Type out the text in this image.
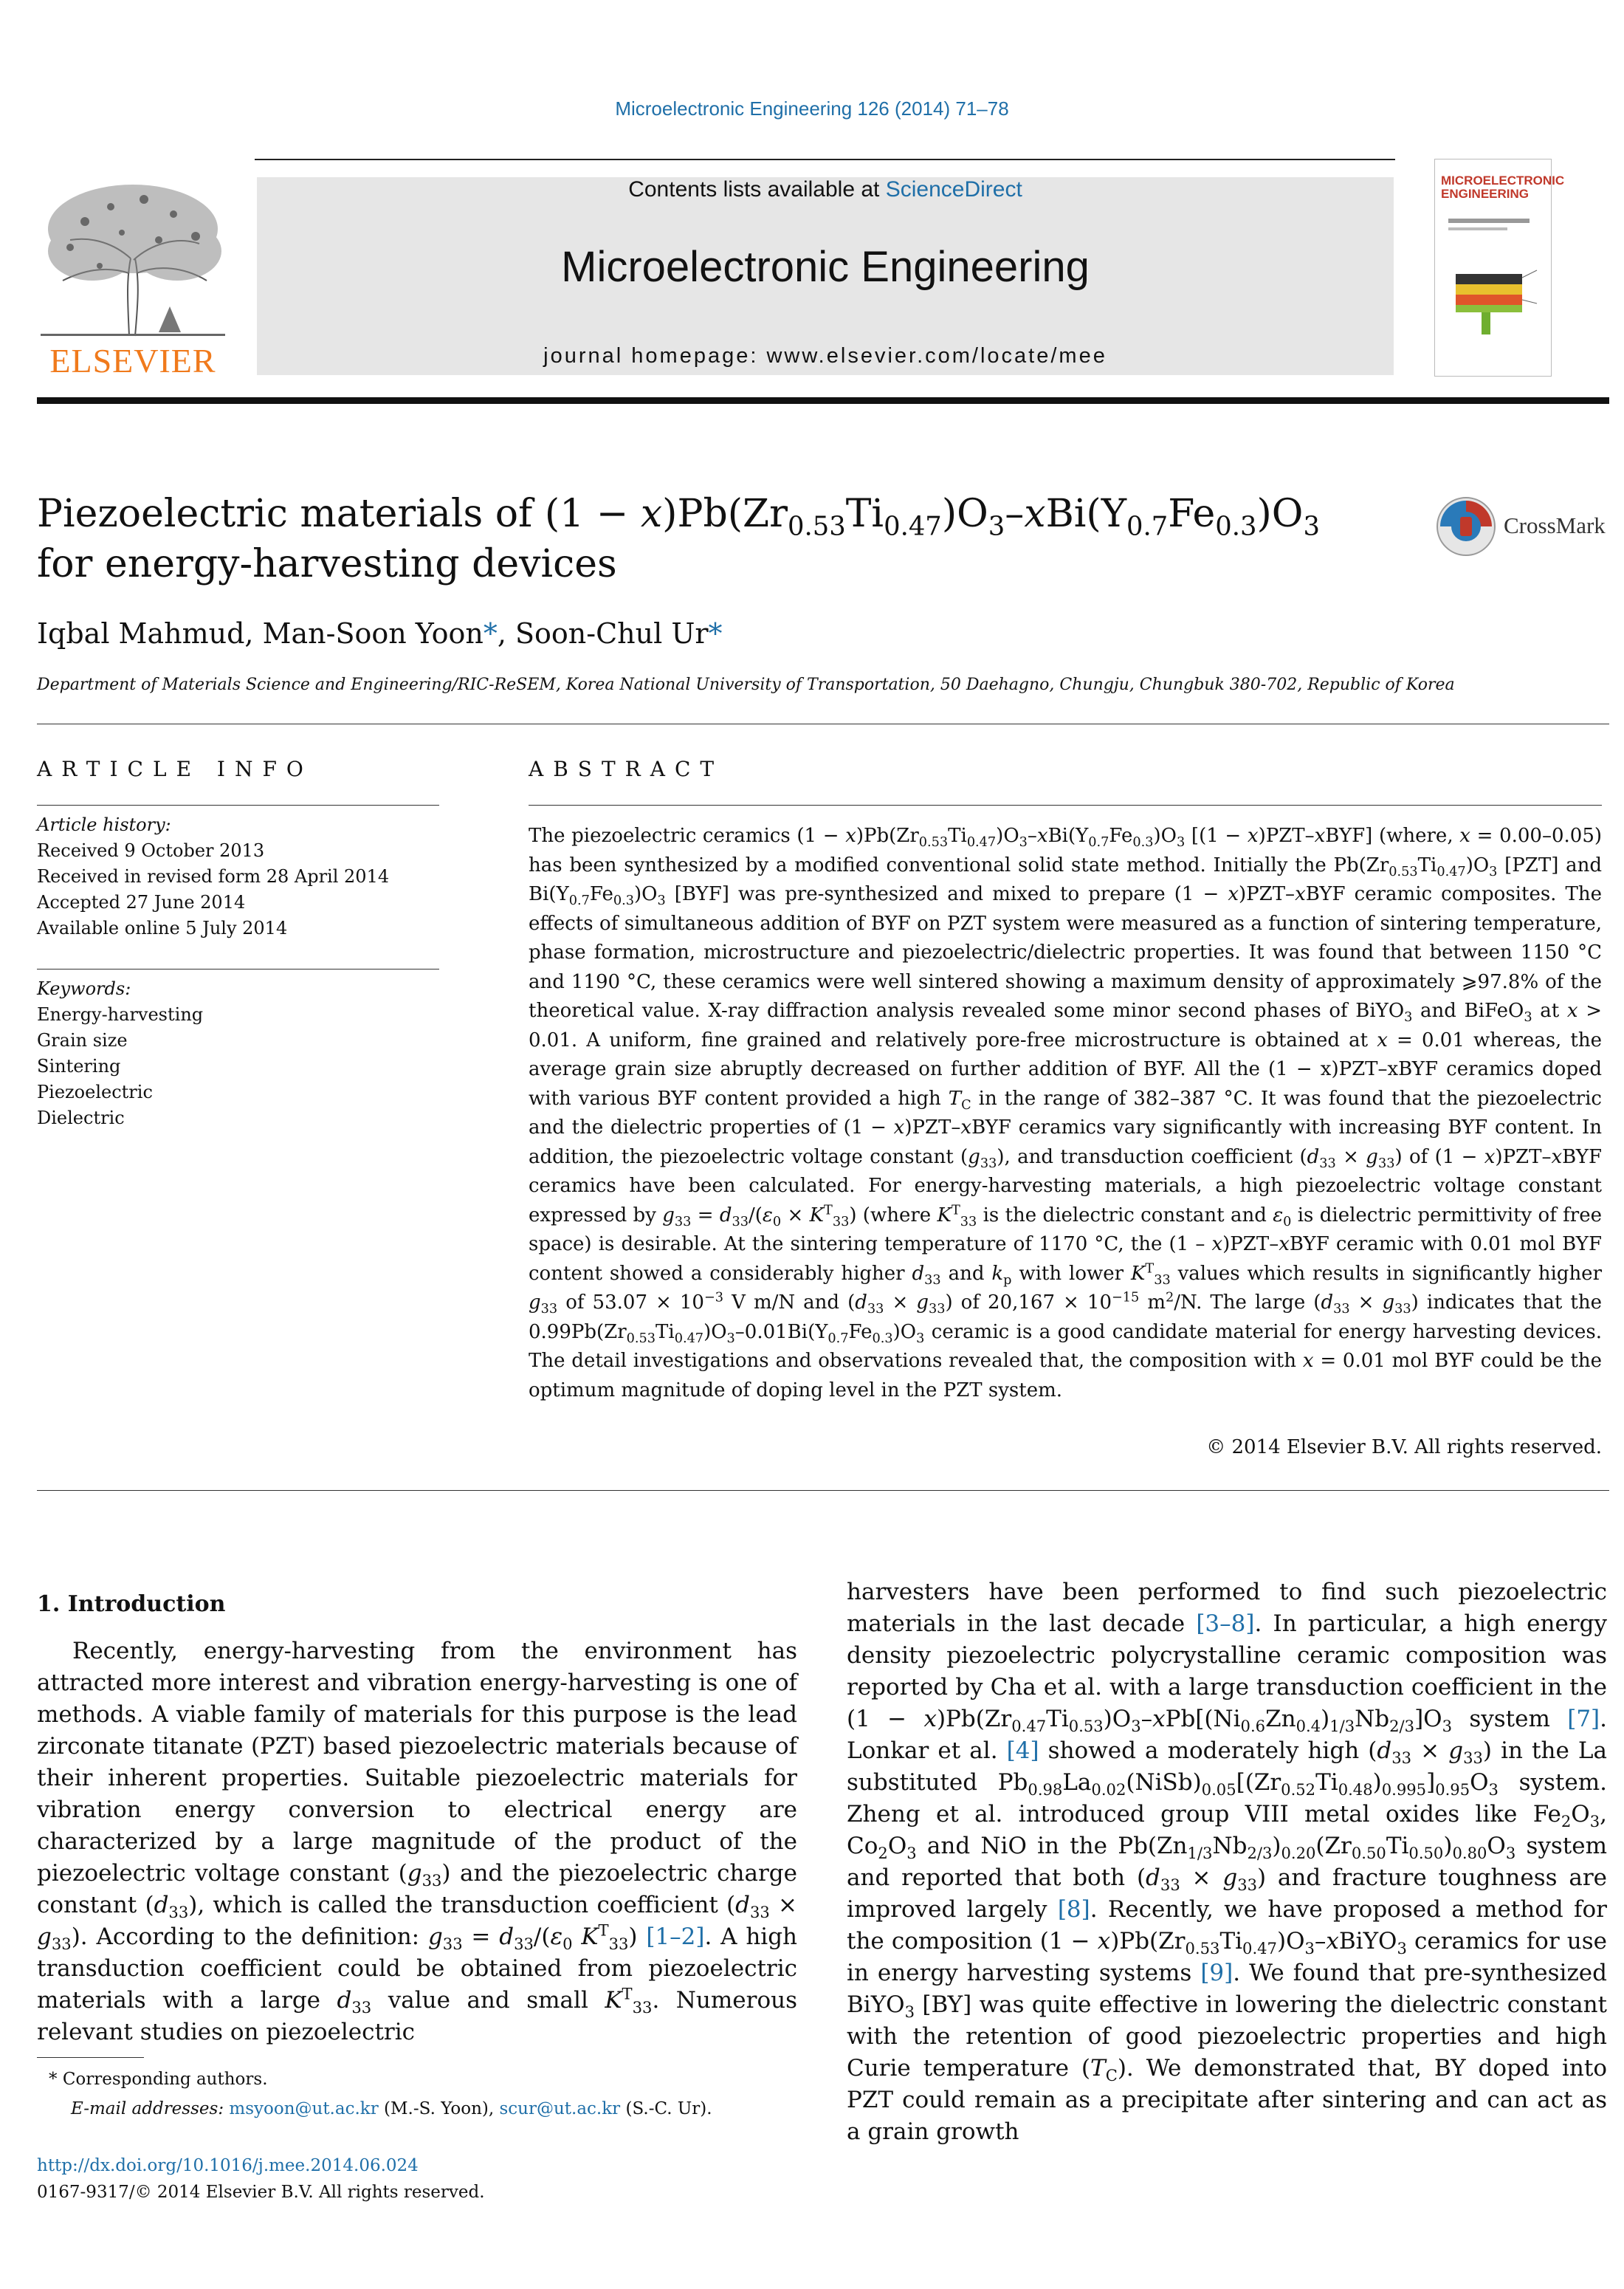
Microelectronic Engineering 126 (2014) 71–78
ELSEVIER
Contents lists available at ScienceDirect
Microelectronic Engineering
journal homepage: www.elsevier.com/locate/mee
MICROELECTRONIC
ENGINEERING
Piezoelectric materials of $(1 - x)Pb(Zr_{0.53}Ti_{0.47})O_3-xBi(Y_{0.7}Fe_{0.3})O_3$
for energy-harvesting devices
CrossMark
Iqbal Mahmud, Man-Soon Yoon*, Soon-Chul Ur*
Department of Materials Science and Engineering/RIC-ReSEM, Korea National University of Transportation, 50 Daehagno, Chungju, Chungbuk 380-702, Republic of Korea
ARTICLE INFO
Article history:
Received 9 October 2013
Received in revised form 28 April 2014
Accepted 27 June 2014
Available online 5 July 2014
Keywords:
Energy-harvesting
Grain size
Sintering
Piezoelectric
Dielectric
ABSTRACT
The piezoelectric ceramics $(1 - x)Pb(Zr_{0.53}Ti_{0.47})O_3-xBi(Y_{0.7}Fe_{0.3})O_3$ [(1 − x)PZT–xBYF] (where, x = 0.00–0.05) has been synthesized by a modified conventional solid state method. Initially the $Pb(Zr_{0.53}Ti_{0.47})O_3$ [PZT] and $Bi(Y_{0.7}Fe_{0.3})O_3$ [BYF] was pre-synthesized and mixed to prepare (1 − x)PZT–xBYF ceramic composites. The effects of simultaneous addition of BYF on PZT system were measured as a function of sintering temperature, phase formation, microstructure and piezoelectric/dielectric properties. It was found that between 1150 °C and 1190 °C, these ceramics were well sintered showing a maximum density of approximately ⩾97.8% of the theoretical value. X-ray diffraction analysis revealed some minor second phases of BiYO$_3$ and BiFeO$_3$ at x > 0.01. A uniform, fine grained and relatively pore-free microstructure is obtained at x = 0.01 whereas, the average grain size abruptly decreased on further addition of BYF. All the (1 − x)PZT–xBYF ceramics doped with various BYF content provided a high $T_C$ in the range of 382–387 °C. It was found that the piezoelectric and the dielectric properties of (1 − x)PZT–xBYF ceramics vary significantly with increasing BYF content. In addition, the piezoelectric voltage constant $(g_{33})$, and transduction coefficient $(d_{33} \times g_{33})$ of (1 − x)PZT–xBYF ceramics have been calculated. For energy-harvesting materials, a high piezoelectric voltage constant expressed by $g_{33} = d_{33}/(\varepsilon_0 \times K^T_{33})$ (where $K^T_{33}$ is the dielectric constant and $\varepsilon_0$ is dielectric permittivity of free space) is desirable. At the sintering temperature of 1170 °C, the (1 – x)PZT–xBYF ceramic with 0.01 mol BYF content showed a considerably higher $d_{33}$ and $k_p$ with lower $K^T_{33}$ values which results in significantly higher $g_{33}$ of $53.07 \times 10^{-3}$ V m/N and $(d_{33} \times g_{33})$ of $20,167 \times 10^{-15}$ $m^2/N$. The large $(d_{33} \times g_{33})$ indicates that the $0.99Pb(Zr_{0.53}Ti_{0.47})O_3-0.01Bi(Y_{0.7}Fe_{0.3})O_3$ ceramic is a good candidate material for energy harvesting devices. The detail investigations and observations revealed that, the composition with x = 0.01 mol BYF could be the optimum magnitude of doping level in the PZT system.
© 2014 Elsevier B.V. All rights reserved.
1. Introduction
Recently, energy-harvesting from the environment has attracted more interest and vibration energy-harvesting is one of methods. A viable family of materials for this purpose is the lead zirconate titanate (PZT) based piezoelectric materials because of their inherent properties. Suitable piezoelectric materials for vibration energy conversion to electrical energy are characterized by a large magnitude of the product of the piezoelectric voltage constant $(g_{33})$ and the piezoelectric charge constant $(d_{33})$, which is called the transduction coefficient $(d_{33} \times g_{33})$. According to the definition: $g_{33} = d_{33}/(\varepsilon_0$ $K^T_{33}$) [1–2]. A high transduction coefficient could be obtained from piezoelectric materials with a large $d_{33}$ value and small $K^T_{33}$. Numerous relevant studies on piezoelectric
harvesters have been performed to find such piezoelectric materials in the last decade [3–8]. In particular, a high energy density piezoelectric polycrystalline ceramic composition was reported by Cha et al. with a large transduction coefficient in the $(1 - x)Pb(Zr_{0.47}Ti_{0.53})O_3-xPb[(Ni_{0.6}Zn_{0.4})_{1/3}Nb_{2/3}]O_3$ system [7]. Lonkar et al. [4] showed a moderately high $(d_{33} \times g_{33})$ in the La substituted $Pb_{0.98}La_{0.02}(NiSb)_{0.05}[(Zr_{0.52}Ti_{0.48})_{0.995}]_{0.95}O_3$ system. Zheng et al. introduced group VIII metal oxides like $Fe_2O_3$, $Co_2O_3$ and NiO in the $Pb(Zn_{1/3}Nb_{2/3})_{0.20}(Zr_{0.50}Ti_{0.50})_{0.80}O_3$ system and reported that both $(d_{33} \times g_{33})$ and fracture toughness are improved largely [8]. Recently, we have proposed a method for the composition $(1 - x)Pb(Zr_{0.53}Ti_{0.47})O_3-xBiYO_3$ ceramics for use in energy harvesting systems [9]. We found that pre-synthesized BiYO$_3$ [BY] was quite effective in lowering the dielectric constant with the retention of good piezoelectric properties and high Curie temperature $(T_C)$. We demonstrated that, BY doped into PZT could remain as a precipitate after sintering and can act as a grain growth
* Corresponding authors.
E-mail addresses: msyoon@ut.ac.kr (M.-S. Yoon), scur@ut.ac.kr (S.-C. Ur).
http://dx.doi.org/10.1016/j.mee.2014.06.024
0167-9317/© 2014 Elsevier B.V. All rights reserved.
